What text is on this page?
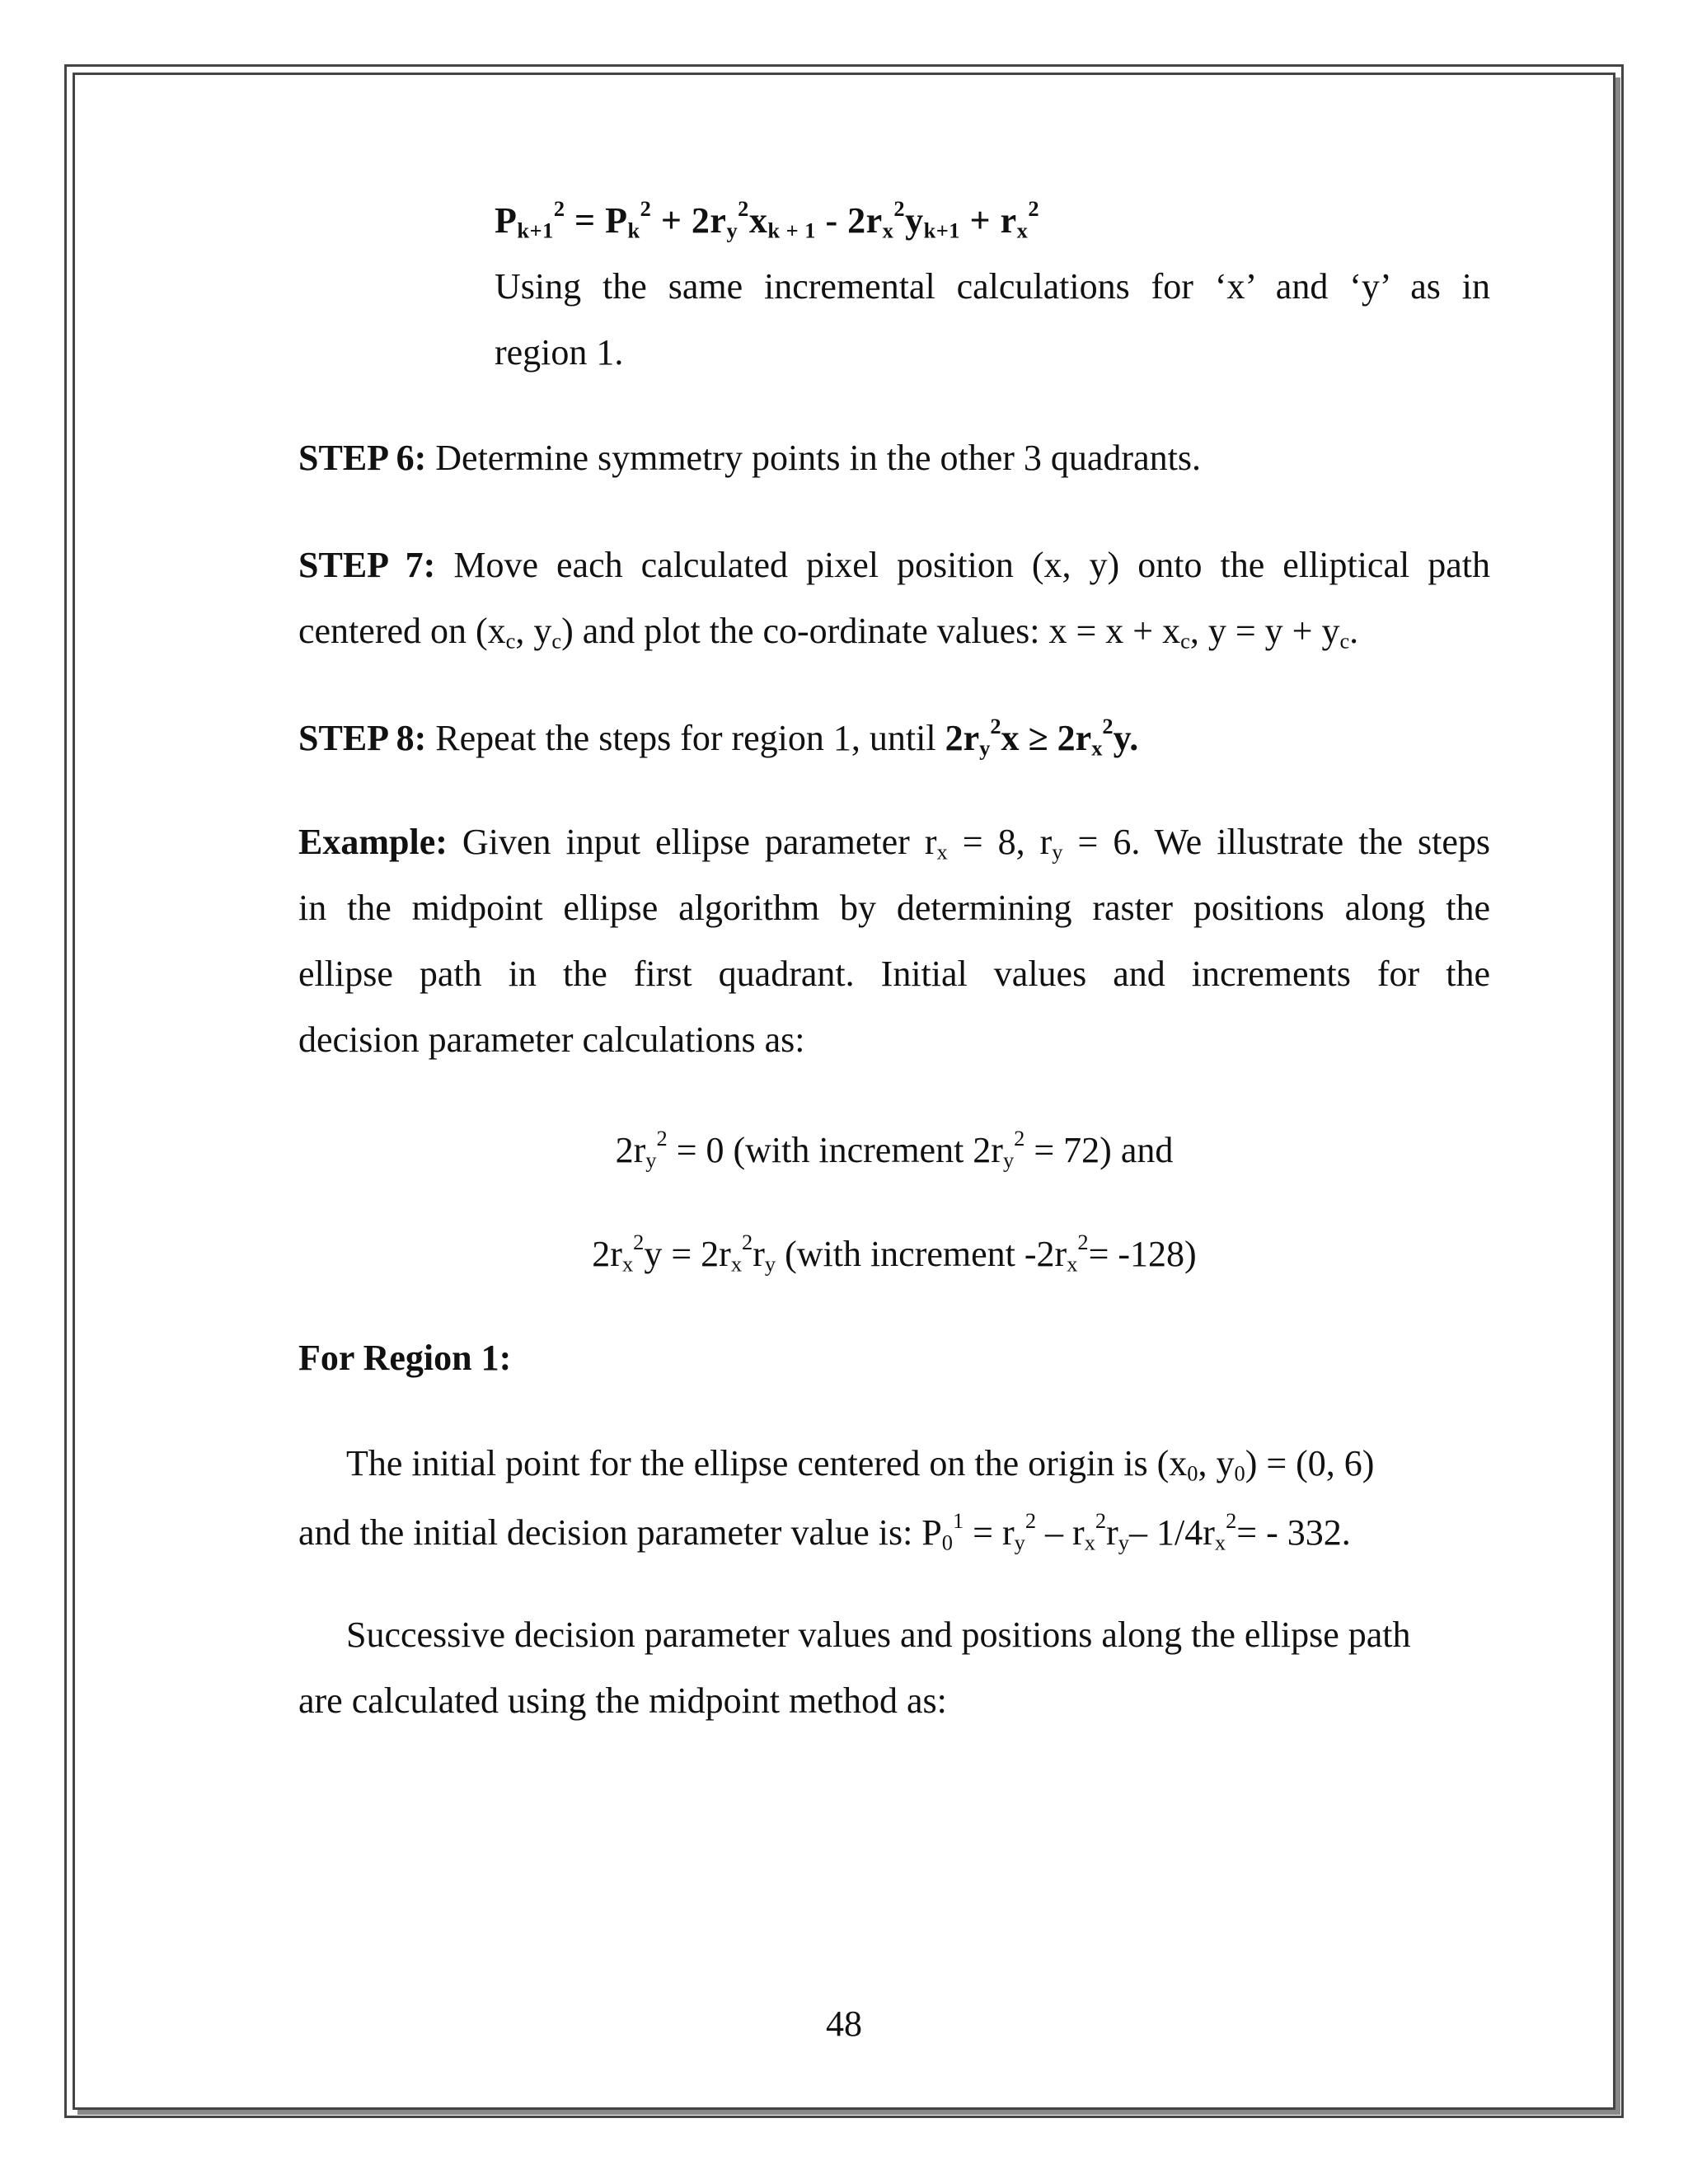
$P_{k+1}^2 = P_k^2 + 2r_y^2x_{k + 1} - 2r_x^2y_{k+1} + r_x^2$
Using the same incremental calculations for ‘x’ and ‘y’ as in
region 1.
STEP 6: Determine symmetry points in the other 3 quadrants.
STEP 7: Move each calculated pixel position (x, y) onto the elliptical path
centered on ($x_c$, $y_c$) and plot the co-ordinate values: $x = x + x_c$, $y = y + y_c$.
STEP 8: Repeat the steps for region 1, until $2r_y^2x \ge 2r_x^2y$.
Example: Given input ellipse parameter $r_x = 8$, $r_y = 6$. We illustrate the steps
in the midpoint ellipse algorithm by determining raster positions along the
ellipse path in the first quadrant. Initial values and increments for the
decision parameter calculations as:
$2r_y^2 = 0$ (with increment $2r_y^2 = 72$) and
$2r_x^2y = 2r_x^2r_y$ (with increment $-2r_x^2= -128$)
For Region 1:
The initial point for the ellipse centered on the origin is ($x_0$, $y_0) = (0$, 6)
and the initial decision parameter value is: $P_0^1 = r_y^2 - r_x^2r_y-$ $1/4r_x^2= - 332$.
Successive decision parameter values and positions along the ellipse path
are calculated using the midpoint method as:
48
